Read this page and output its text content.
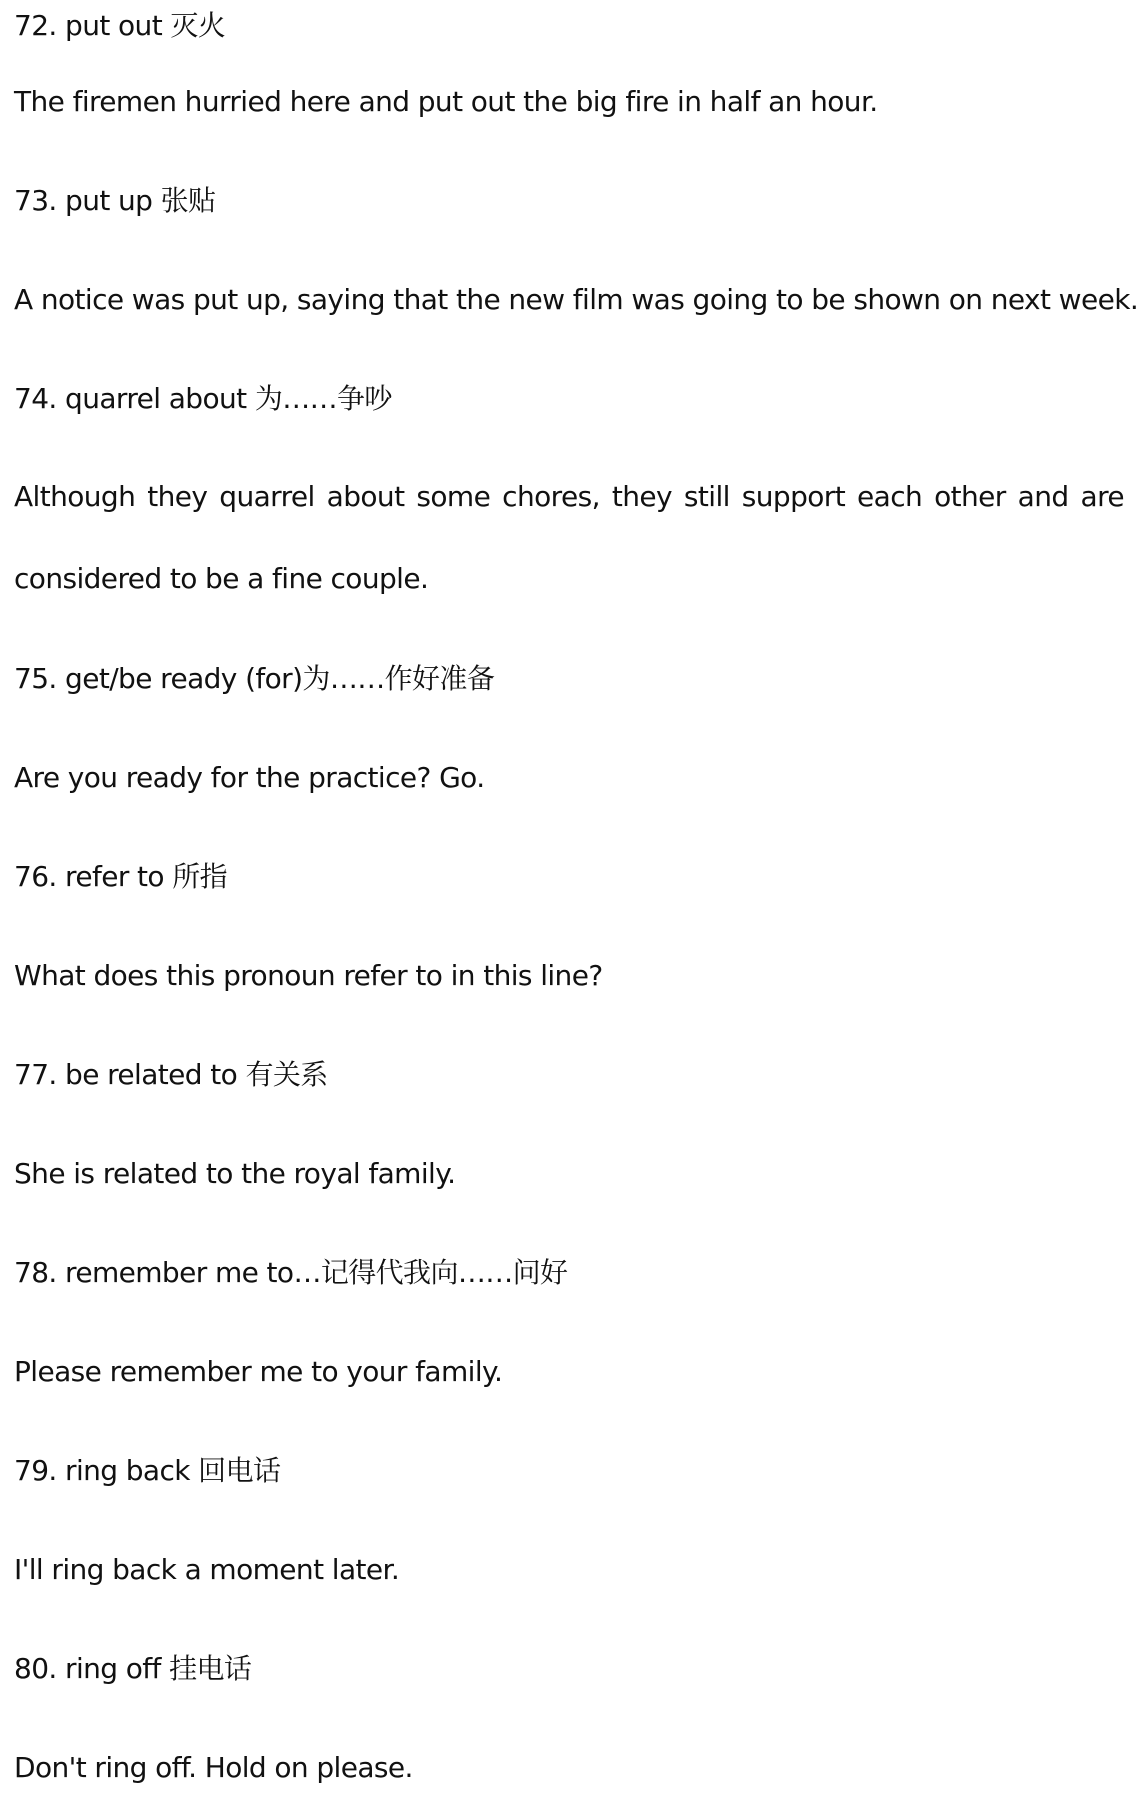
72. put out 灭火
The firemen hurried here and put out the big fire in half an hour.
73. put up 张贴
A notice was put up, saying that the new film was going to be shown on next week.
74. quarrel about 为……争吵
Although they quarrel about some chores, they still support each other and are
considered to be a fine couple.
75. get/be ready (for)为……作好准备
Are you ready for the practice? Go.
76. refer to 所指
What does this pronoun refer to in this line?
77. be related to 有关系
She is related to the royal family.
78. remember me to…记得代我向……问好
Please remember me to your family.
79. ring back 回电话
I'll ring back a moment later.
80. ring off 挂电话
Don't ring off. Hold on please.
